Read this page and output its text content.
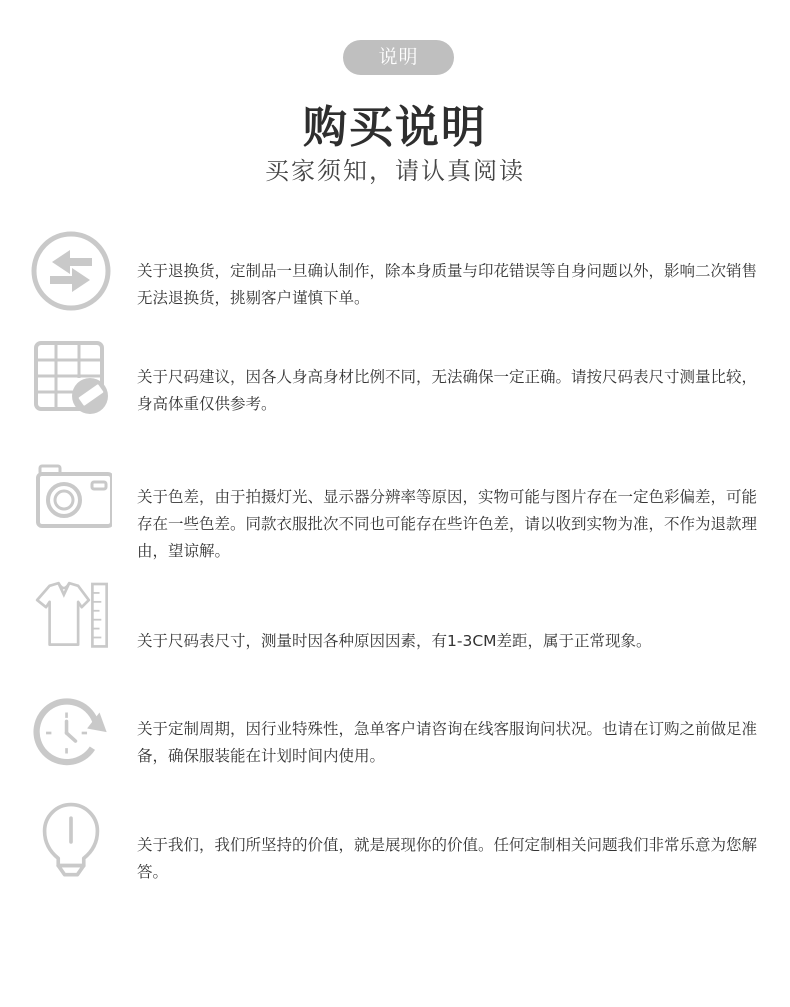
说明
购买说明
买家须知，请认真阅读
关于退换货，定制品一旦确认制作，除本身质量与印花错误等自身问题以外，影响二次销售无法退换货，挑剔客户谨慎下单。
关于尺码建议，因各人身高身材比例不同，无法确保一定正确。请按尺码表尺寸测量比较，身高体重仅供参考。
关于色差，由于拍摄灯光、显示器分辨率等原因，实物可能与图片存在一定色彩偏差，可能存在一些色差。同款衣服批次不同也可能存在些许色差，请以收到实物为准，不作为退款理由，望谅解。
关于尺码表尺寸，测量时因各种原因因素，有1-3CM差距，属于正常现象。
关于定制周期，因行业特殊性，急单客户请咨询在线客服询问状况。也请在订购之前做足准备，确保服装能在计划时间内使用。
关于我们，我们所坚持的价值，就是展现你的价值。任何定制相关问题我们非常乐意为您解答。
